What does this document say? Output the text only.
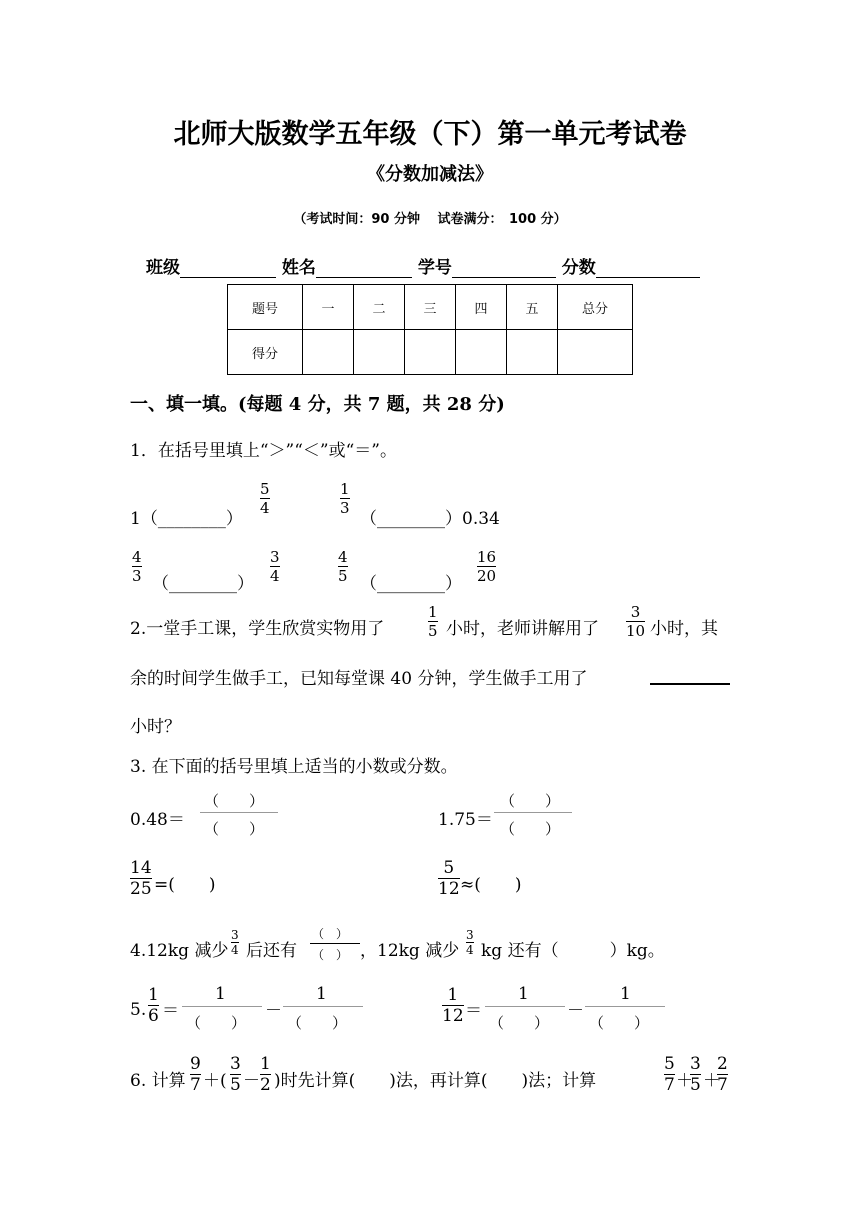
北师大版数学五年级（下）第一单元考试卷
《分数加减法》
（考试时间：90 分钟　 试卷满分：　100 分）
班级	姓名	学号	分数
题号	一	二	三	四	五	总分
得分						
一、填一填。(每题 4 分，共 7 题，共 28 分)
1．在括号里填上“＞”“＜”或“＝”。
1（________）
$\frac{5}{4}$	$\frac{1}{3}$
（________）0.34
$\frac{4}{3}$ （________） $\frac{3}{4}$	$\frac{4}{5}$ （________） $\frac{16}{20}$
2.一堂手工课，学生欣赏实物用了	$\frac{1}{5}$ 小时，老师讲解用了 $\frac{3}{10}$ 小时，其
余的时间学生做手工，已知每堂课 40 分钟，学生做手工用了
小时？
3. 在下面的括号里填上适当的小数或分数。
0.48＝
（　　）
（　　）	1.75＝
（　　）
（　　）
$\frac{14}{25}$ =(　　)	$\frac{5}{12}$ ≈(　　)
4.12kg 减少 $\frac{3}{4}$ 后还有
（　）
（　） ，12kg 减少 $\frac{3}{4}$ kg 还有（　　　）kg。
5. $\frac{1}{6}$ ＝
1
（　　）
－
1
（　　）	$\frac{1}{12}$ ＝
1
（　　）
－
1
（　　）
6. 计算 $\frac{9}{7}$ ＋( $\frac{3}{5} - \frac{1}{2}$ )时先计算(　　)法，再计算(　　)法；计算	$\frac{5}{7}$ ＋
$\frac{3}{5}$ ＋
$\frac{2}{7}$
